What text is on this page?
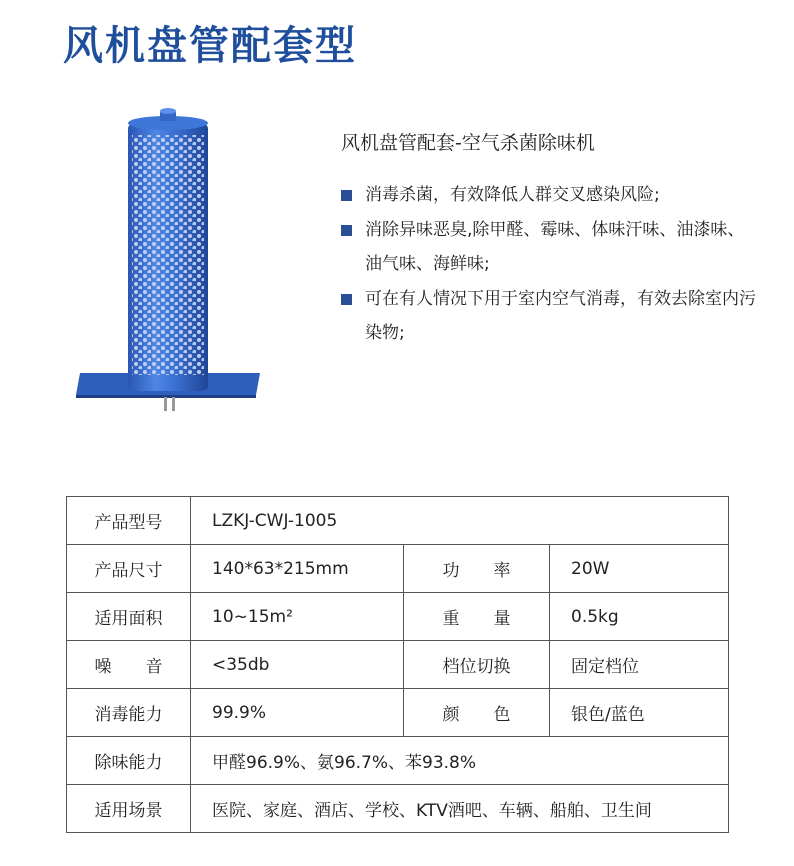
风机盘管配套型
风机盘管配套-空气杀菌除味机
消毒杀菌，有效降低人群交叉感染风险;
消除异味恶臭,除甲醛、霉味、体味汗味、油漆味、油气味、海鲜味;
可在有人情况下用于室内空气消毒，有效去除室内污染物;
产品型号	LZKJ-CWJ-1005		
产品尺寸	140*63*215mm	功　　率	20W
适用面积	10~15m²	重　　量	0.5kg
噪　　音	<35db	档位切换	固定档位
消毒能力	99.9%	颜　　色	银色/蓝色
除味能力	甲醛96.9%、氨96.7%、苯93.8%		
适用场景	医院、家庭、酒店、学校、KTV酒吧、车辆、船舶、卫生间		
